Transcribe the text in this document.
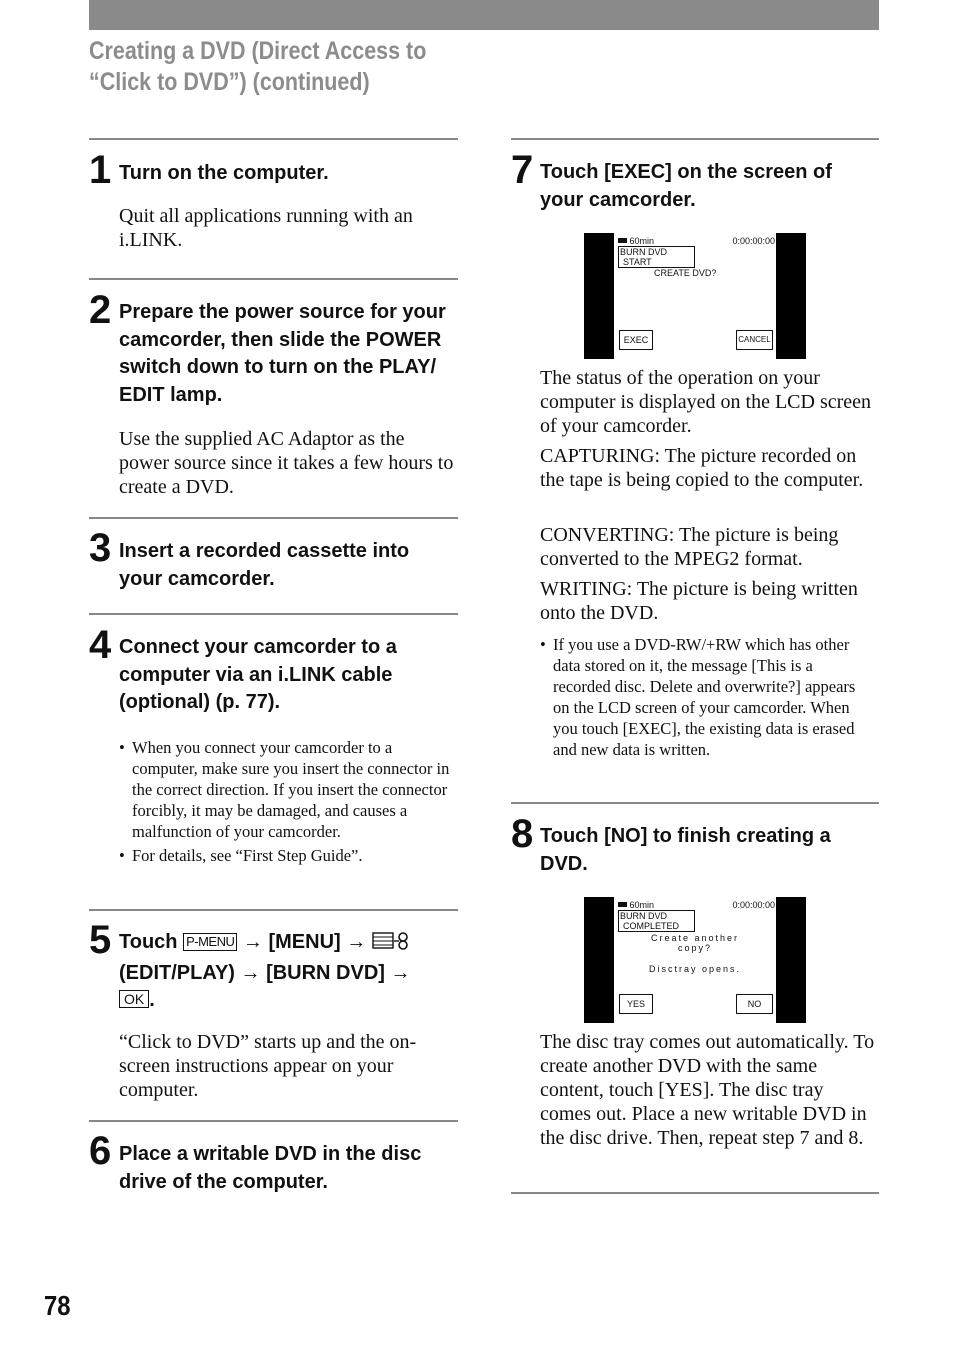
Creating a DVD (Direct Access to
“Click to DVD”) (continued)
1 Turn on the computer.
Quit all applications running with an i.LINK.
2 Prepare the power source for your camcorder, then slide the POWER switch down to turn on the PLAY/ EDIT lamp.
Use the supplied AC Adaptor as the power source since it takes a few hours to create a DVD.
3 Insert a recorded cassette into your camcorder.
4 Connect your camcorder to a computer via an i.LINK cable (optional) (p. 77).
• When you connect your camcorder to a computer, make sure you insert the connector in the correct direction. If you insert the connector forcibly, it may be damaged, and causes a malfunction of your camcorder.
• For details, see “First Step Guide”.
5 Touch P-MENU → [MENU] →
(EDIT/PLAY) → [BURN DVD] →
OK .
“Click to DVD” starts up and the on-screen instructions appear on your computer.
6 Place a writable DVD in the disc drive of the computer.
7 Touch [EXEC] on the screen of your camcorder.
60min	0:00:00:00
BURN DVD
START
CREATE DVD?
EXEC	CANCEL
The status of the operation on your computer is displayed on the LCD screen of your camcorder.
CAPTURING: The picture recorded on the tape is being copied to the computer.
CONVERTING: The picture is being converted to the MPEG2 format.
WRITING: The picture is being written onto the DVD.
• If you use a DVD-RW/+RW which has other data stored on it, the message [This is a recorded disc. Delete and overwrite?] appears on the LCD screen of your camcorder. When you touch [EXEC], the existing data is erased and new data is written.
8 Touch [NO] to finish creating a DVD.
60min	0:00:00:00
BURN DVD
COMPLETED
Create another
copy?
Disctray opens.
YES	NO
The disc tray comes out automatically. To create another DVD with the same content, touch [YES]. The disc tray comes out. Place a new writable DVD in the disc drive. Then, repeat step 7 and 8.
78
